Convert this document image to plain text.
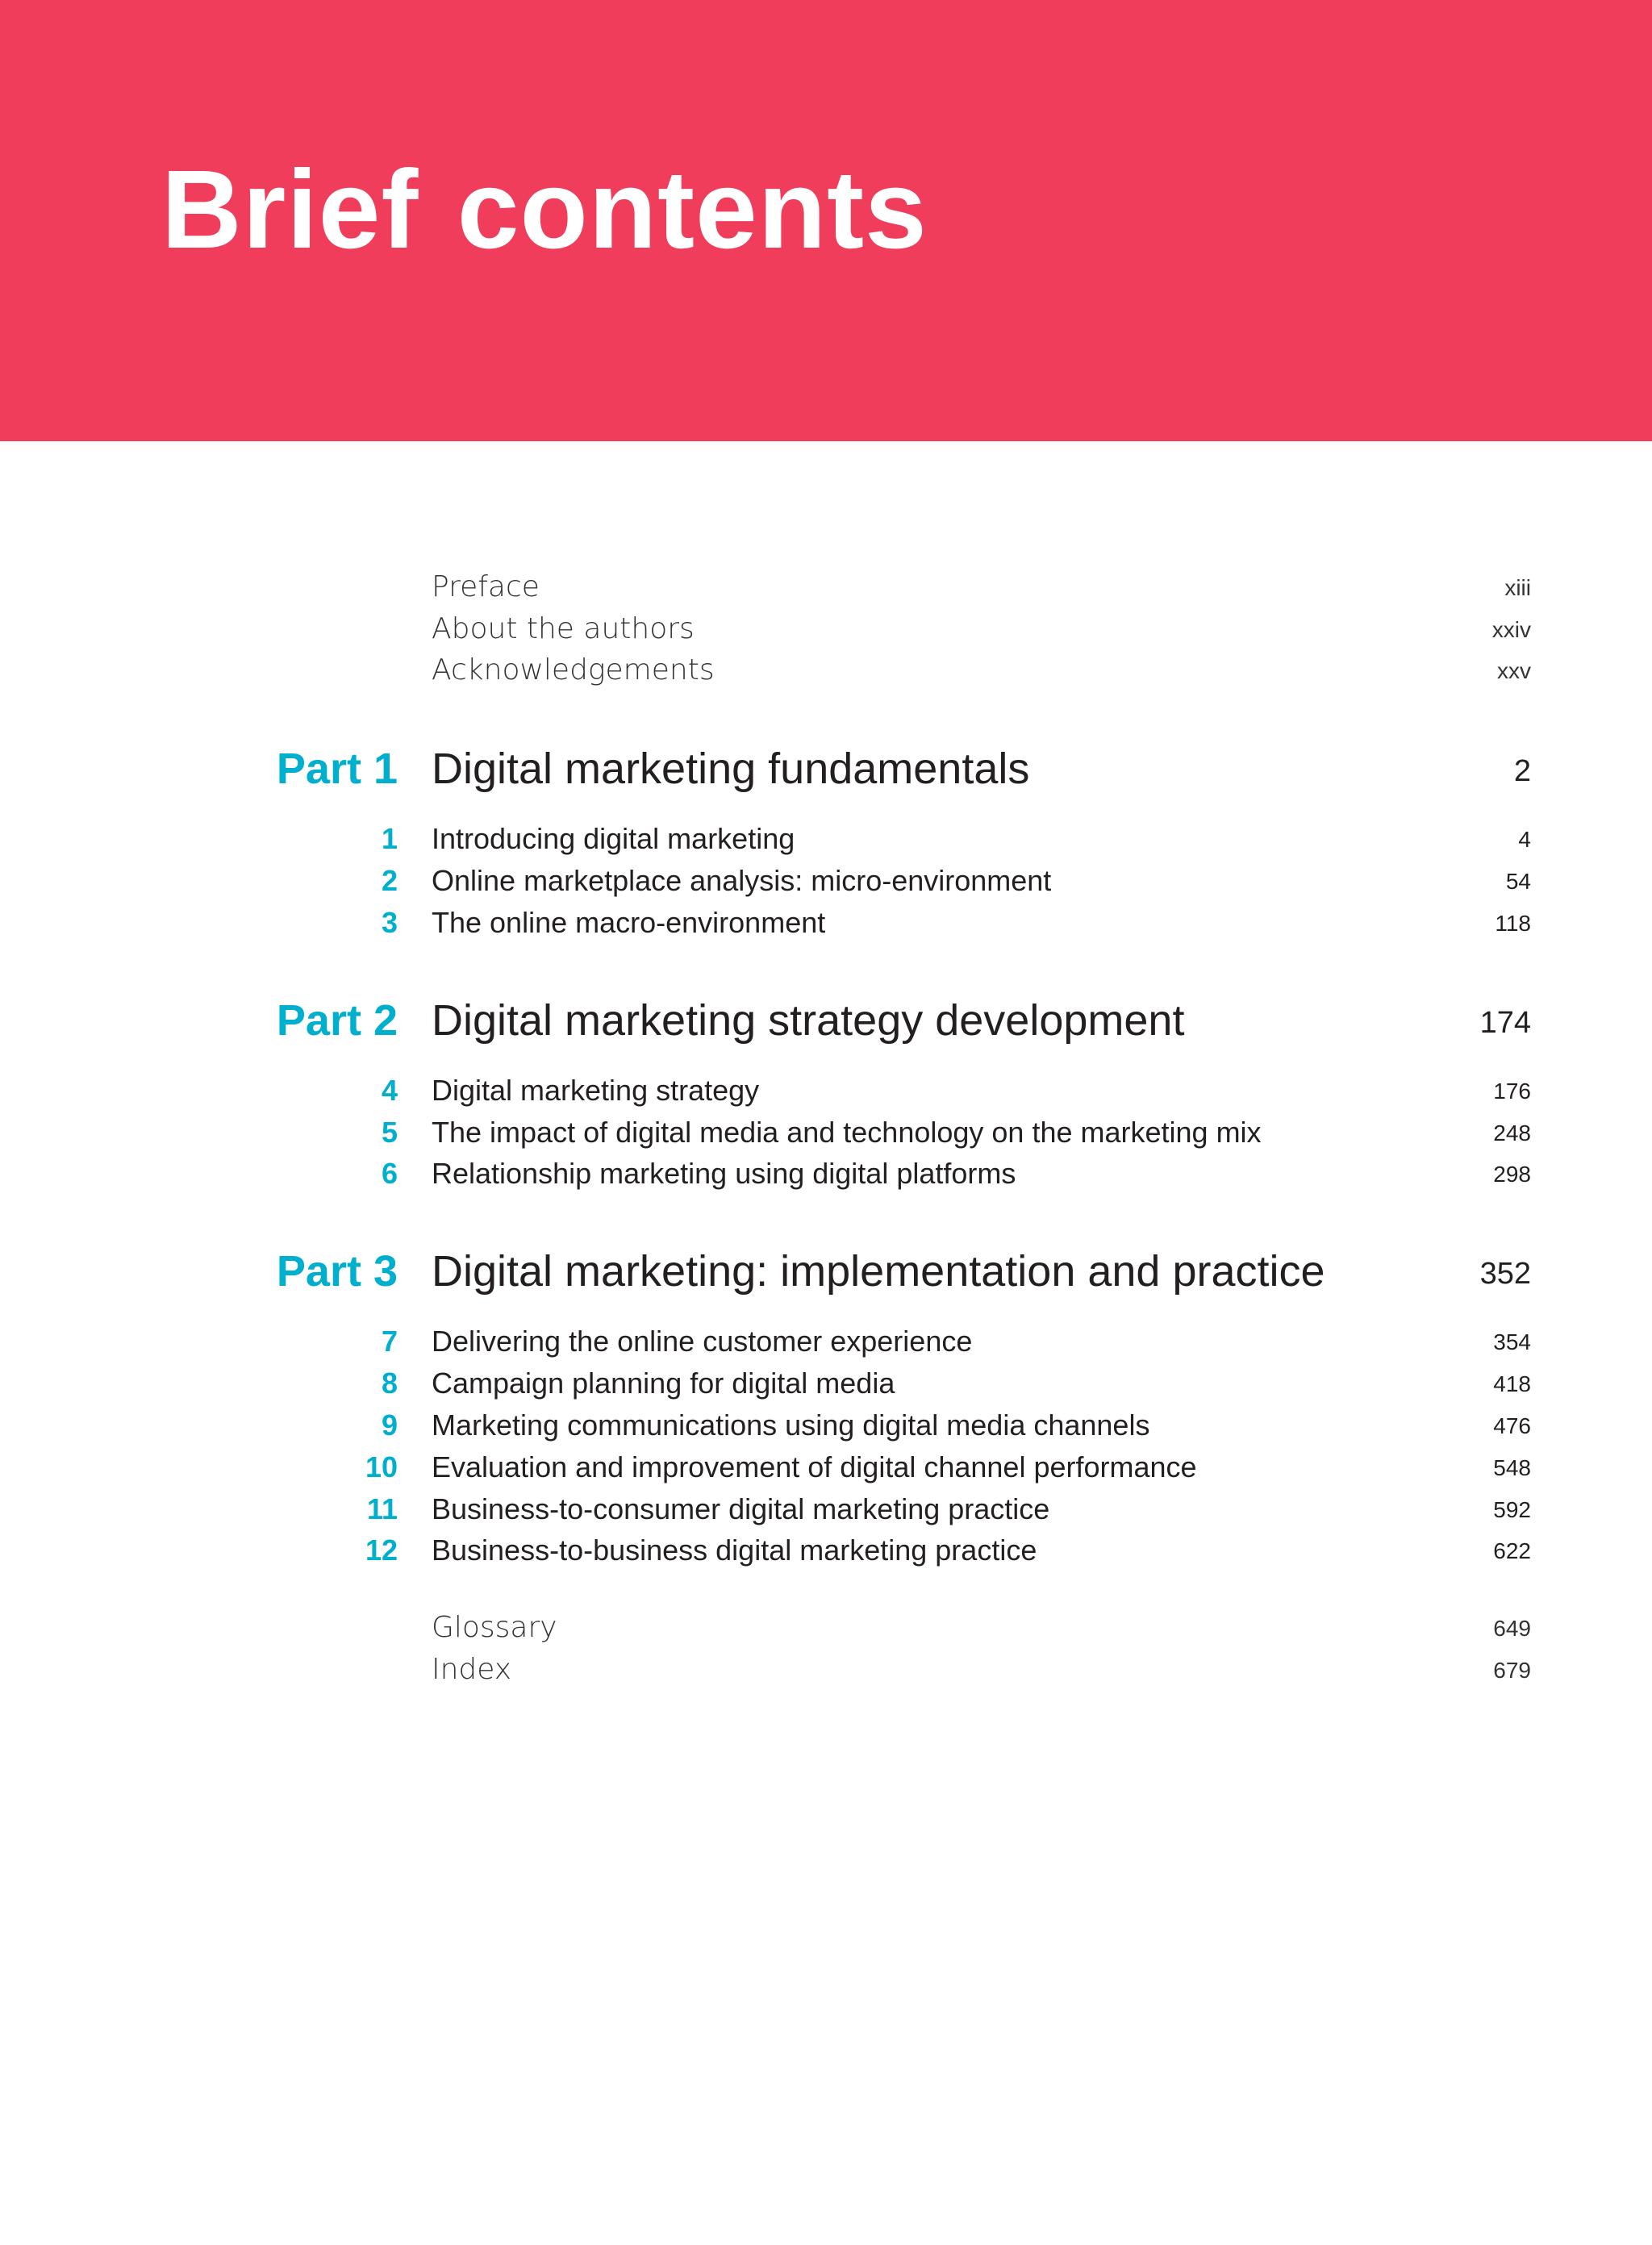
Brief contents
Preface	xiii
About the authors	xxiv
Acknowledgements	xxv
Part 1 Digital marketing fundamentals	2
1 Introducing digital marketing	4
2 Online marketplace analysis: micro-environment	54
3 The online macro-environment	118
Part 2 Digital marketing strategy development	174
4 Digital marketing strategy	176
5 The impact of digital media and technology on the marketing mix	248
6 Relationship marketing using digital platforms	298
Part 3 Digital marketing: implementation and practice	352
7 Delivering the online customer experience	354
8 Campaign planning for digital media	418
9 Marketing communications using digital media channels	476
10 Evaluation and improvement of digital channel performance	548
11 Business-to-consumer digital marketing practice	592
12 Business-to-business digital marketing practice	622
Glossary	649
Index	679
